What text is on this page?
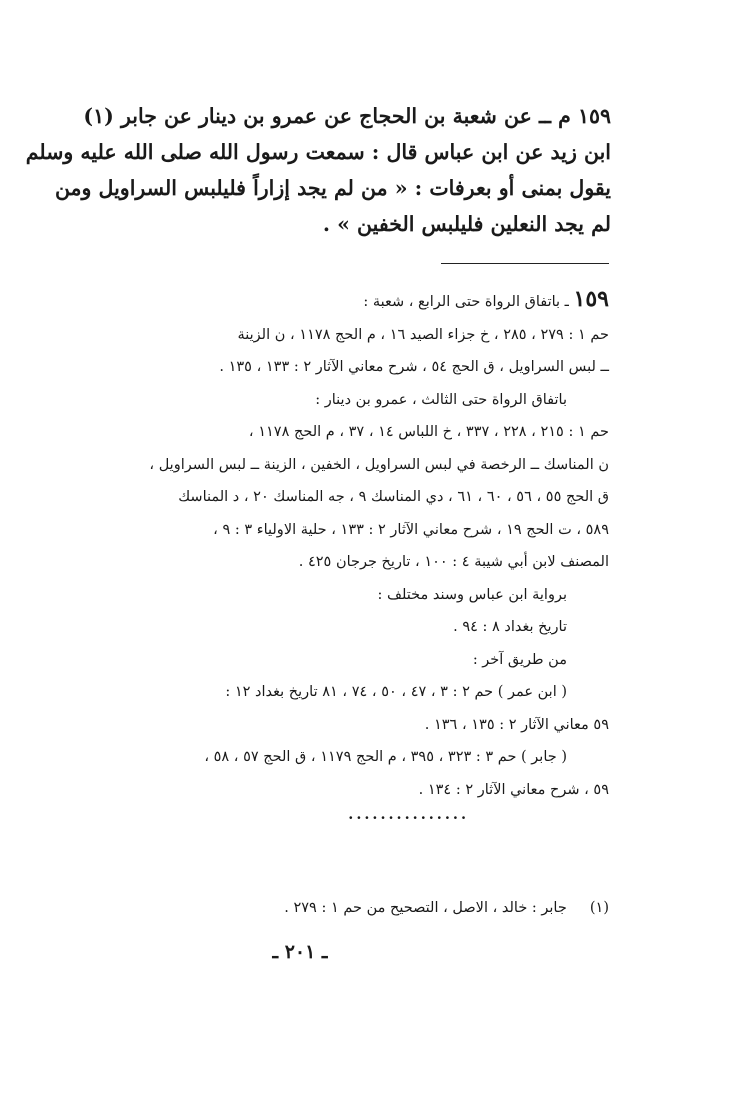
١٥٩ م ــ عن شعبة بن الحجاج عن عمرو بن دينار عن جابر (١)
ابن زيد عن ابن عباس قال : سمعت رسول الله صلى الله عليه وسلم
يقول بمنى أو بعرفات : « من لم يجد إزاراً فليلبس السراويل ومن
لم يجد النعلين فليلبس الخفين » .
١٥٩ ـ باتفاق الرواة حتى الرابع ، شعبة :
حم ١ : ٢٧٩ ، ٢٨٥ ، خ جزاء الصيد ١٦ ، م الحج ١١٧٨ ، ن الزينة
ــ لبس السراويل ، ق الحج ٥٤ ، شرح معاني الآثار ٢ : ١٣٣ ، ١٣٥ .
باتفاق الرواة حتى الثالث ، عمرو بن دينار :
حم ١ : ٢١٥ ، ٢٢٨ ، ٣٣٧ ، خ اللباس ١٤ ، ٣٧ ، م الحج ١١٧٨ ،
ن المناسك ــ الرخصة في لبس السراويل ، الخفين ، الزينة ــ لبس السراويل ،
ق الحج ٥٥ ، ٥٦ ، ٦٠ ، ٦١ ، دي المناسك ٩ ، جه المناسك ٢٠ ، د المناسك
٥٨٩ ، ت الحج ١٩ ، شرح معاني الآثار ٢ : ١٣٣ ، حلية الاولياء ٣ : ٩ ،
المصنف لابن أبي شيبة ٤ : ١٠٠ ، تاريخ جرجان ٤٢٥ .
برواية ابن عباس وسند مختلف :
تاريخ بغداد ٨ : ٩٤ .
من طريق آخر :
( ابن عمر ) حم ٢ : ٣ ، ٤٧ ، ٥٠ ، ٧٤ ، ٨١ تاريخ بغداد ١٢ :
٥٩ معاني الآثار ٢ : ١٣٥ ، ١٣٦ .
( جابر ) حم ٣ : ٣٢٣ ، ٣٩٥ ، م الحج ١١٧٩ ، ق الحج ٥٧ ، ٥٨ ،
٥٩ ، شرح معاني الآثار ٢ : ١٣٤ .
...............
(١)     جابر : خالد ، الاصل ، التصحيح من حم ١ : ٢٧٩ .
ـ ٢٠١ ـ
